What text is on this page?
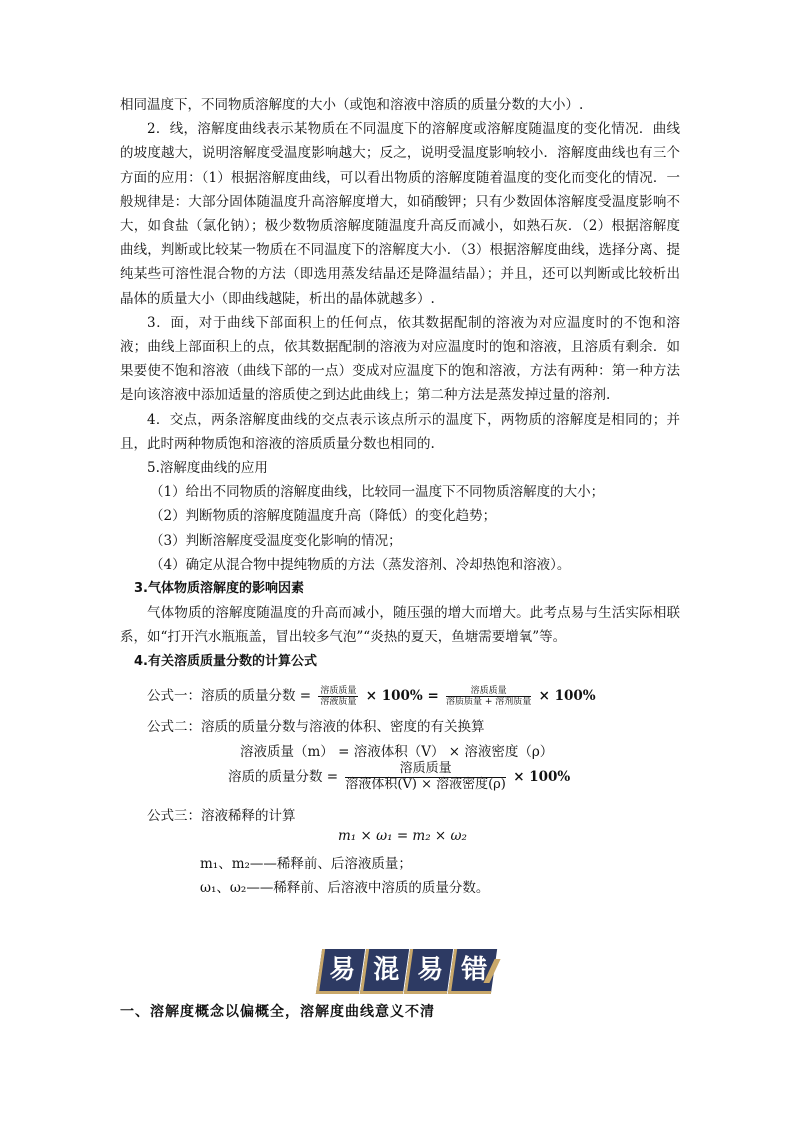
相同温度下，不同物质溶解度的大小（或饱和溶液中溶质的质量分数的大小）.

2．线，溶解度曲线表示某物质在不同温度下的溶解度或溶解度随温度的变化情况．曲线的坡度越大，说明溶解度受温度影响越大；反之，说明受温度影响较小．溶解度曲线也有三个方面的应用：（1）根据溶解度曲线，可以看出物质的溶解度随着温度的变化而变化的情况．一般规律是：大部分固体随温度升高溶解度增大，如硝酸钾；只有少数固体溶解度受温度影响不大，如食盐（氯化钠）；极少数物质溶解度随温度升高反而减小，如熟石灰．（2）根据溶解度曲线，判断或比较某一物质在不同温度下的溶解度大小．（3）根据溶解度曲线，选择分离、提纯某些可溶性混合物的方法（即选用蒸发结晶还是降温结晶）；并且，还可以判断或比较析出晶体的质量大小（即曲线越陡，析出的晶体就越多）.

3．面，对于曲线下部面积上的任何点，依其数据配制的溶液为对应温度时的不饱和溶液；曲线上部面积上的点，依其数据配制的溶液为对应温度时的饱和溶液，且溶质有剩余．如果要使不饱和溶液（曲线下部的一点）变成对应温度下的饱和溶液，方法有两种：第一种方法是向该溶液中添加适量的溶质使之到达此曲线上；第二种方法是蒸发掉过量的溶剂.

4．交点，两条溶解度曲线的交点表示该点所示的温度下，两物质的溶解度是相同的；并且，此时两种物质饱和溶液的溶质质量分数也相同的.

5.溶解度曲线的应用

（1）给出不同物质的溶解度曲线，比较同一温度下不同物质溶解度的大小；

（2）判断物质的溶解度随温度升高（降低）的变化趋势；

（3）判断溶解度受温度变化影响的情况；

（4）确定从混合物中提纯物质的方法（蒸发溶剂、冷却热饱和溶液）。

3.气体物质溶解度的影响因素

气体物质的溶解度随温度的升高而减小，随压强的增大而增大。此考点易与生活实际相联系，如“打开汽水瓶瓶盖，冒出较多气泡”“炎热的夏天，鱼塘需要增氧”等。

4.有关溶质质量分数的计算公式

公式一：溶质的质量分数 = $\frac{\text{溶质质量}}{\text{溶液质量}} \times 100\% = \frac{\text{溶质质量}}{\text{溶质质量 + 溶剂质量}} \times 100\%$
公式二：溶质的质量分数与溶液的体积、密度的有关换算
溶液质量（m） = 溶液体积（V） × 溶液密度（ρ）
溶质的质量分数 = $\frac{\text{溶质质量}}{\text{溶液体积(V) × 溶液密度(ρ)}} \times 100\%$
公式三：溶液稀释的计算
m₁ × ω₁ = m₂ × ω₂
m₁、m₂——稀释前、后溶液质量；
ω₁、ω₂——稀释前、后溶液中溶质的质量分数。
易 混 易 错
一、溶解度概念以偏概全，溶解度曲线意义不清
